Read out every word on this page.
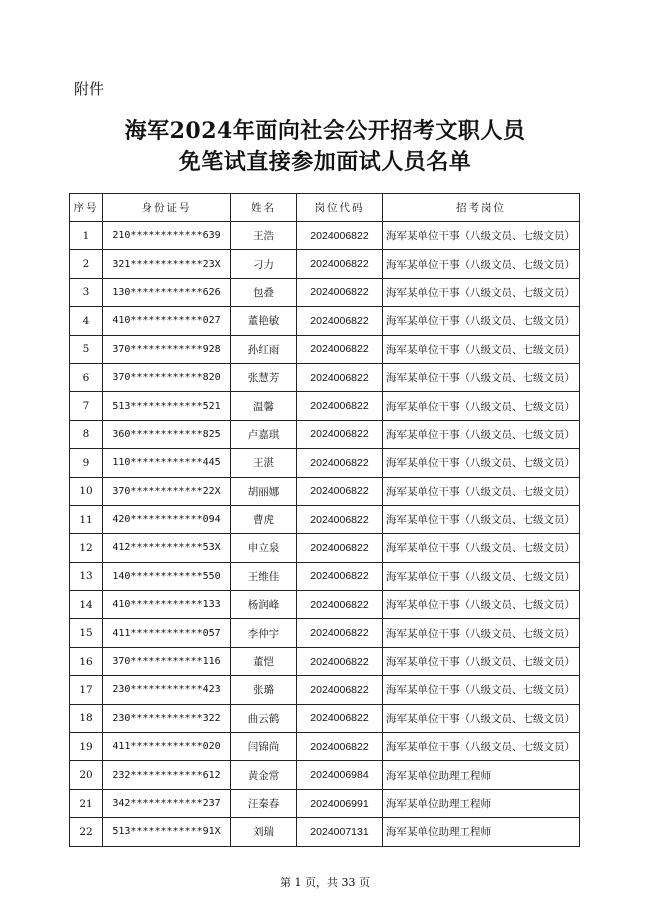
附件
海军2024年面向社会公开招考文职人员
免笔试直接参加面试人员名单
序号	身份证号	姓名	岗位代码	招考岗位
1	210************639	王浩	2024006822	海军某单位干事（八级文员、七级文员）
2	321************23X	刁力	2024006822	海军某单位干事（八级文员、七级文员）
3	130************626	包叠	2024006822	海军某单位干事（八级文员、七级文员）
4	410************027	董艳敏	2024006822	海军某单位干事（八级文员、七级文员）
5	370************928	孙红雨	2024006822	海军某单位干事（八级文员、七级文员）
6	370************820	张慧芳	2024006822	海军某单位干事（八级文员、七级文员）
7	513************521	温馨	2024006822	海军某单位干事（八级文员、七级文员）
8	360************825	卢嘉琪	2024006822	海军某单位干事（八级文员、七级文员）
9	110************445	王湛	2024006822	海军某单位干事（八级文员、七级文员）
10	370************22X	胡丽娜	2024006822	海军某单位干事（八级文员、七级文员）
11	420************094	曹虎	2024006822	海军某单位干事（八级文员、七级文员）
12	412************53X	申立泉	2024006822	海军某单位干事（八级文员、七级文员）
13	140************550	王维佳	2024006822	海军某单位干事（八级文员、七级文员）
14	410************133	杨润峰	2024006822	海军某单位干事（八级文员、七级文员）
15	411************057	李仲宇	2024006822	海军某单位干事（八级文员、七级文员）
16	370************116	董恺	2024006822	海军某单位干事（八级文员、七级文员）
17	230************423	张璐	2024006822	海军某单位干事（八级文员、七级文员）
18	230************322	曲云鹤	2024006822	海军某单位干事（八级文员、七级文员）
19	411************020	闫锦尚	2024006822	海军某单位干事（八级文员、七级文员）
20	232************612	黄金常	2024006984	海军某单位助理工程师
21	342************237	汪秦春	2024006991	海军某单位助理工程师
22	513************91X	刘瑞	2024007131	海军某单位助理工程师
第 1 页，共 33 页
